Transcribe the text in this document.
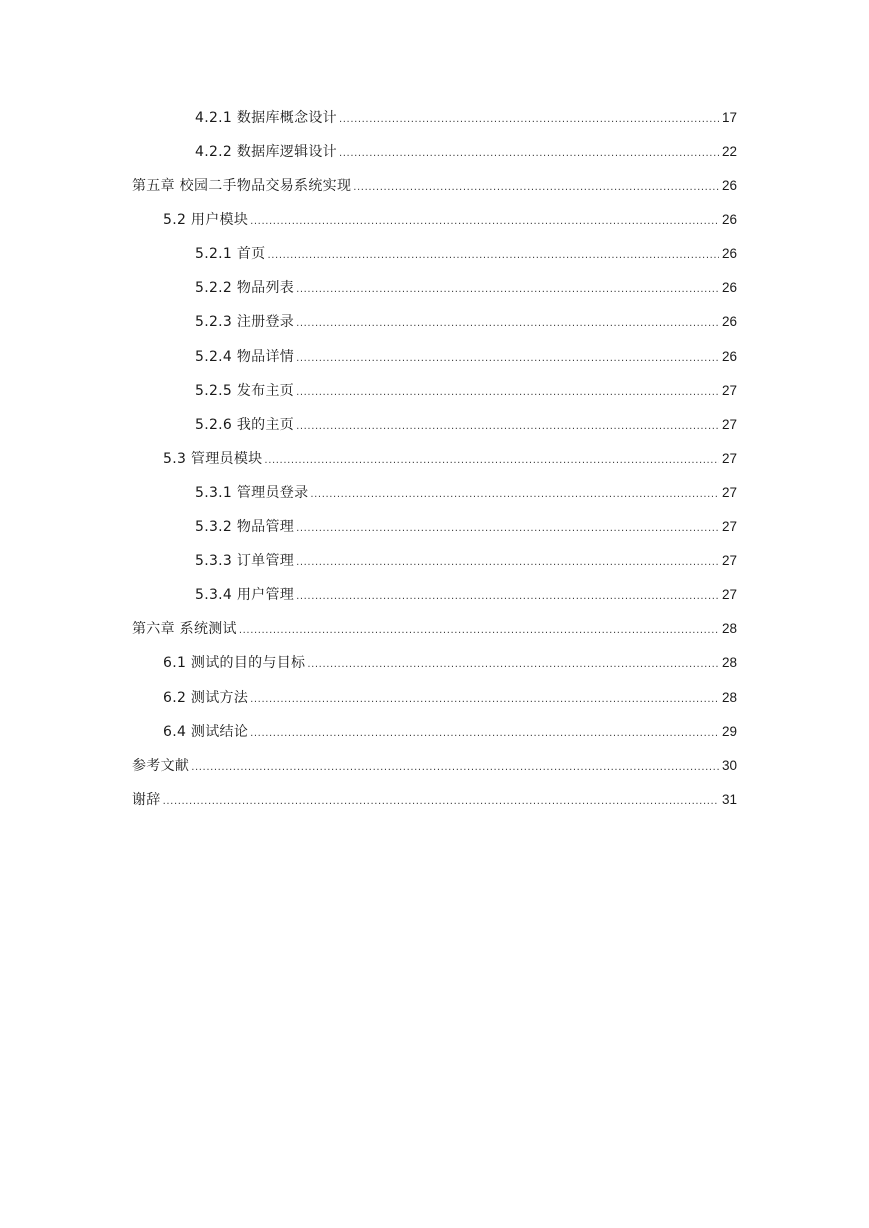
4.2.1 数据库概念设计 .....	17
4.2.2 数据库逻辑设计 .....	22
第五章 校园二手物品交易系统实现 .....	26
5.2 用户模块 .....	26
5.2.1 首页 .....	26
5.2.2 物品列表 .....	26
5.2.3 注册登录 .....	26
5.2.4 物品详情 .....	26
5.2.5 发布主页 .....	27
5.2.6 我的主页 .....	27
5.3 管理员模块 .....	27
5.3.1 管理员登录 .....	27
5.3.2 物品管理 .....	27
5.3.3 订单管理 .....	27
5.3.4 用户管理 .....	27
第六章 系统测试 .....	28
6.1 测试的目的与目标 .....	28
6.2 测试方法 .....	28
6.4 测试结论 .....	29
参考文献 .....	30
谢辞 .....	31
